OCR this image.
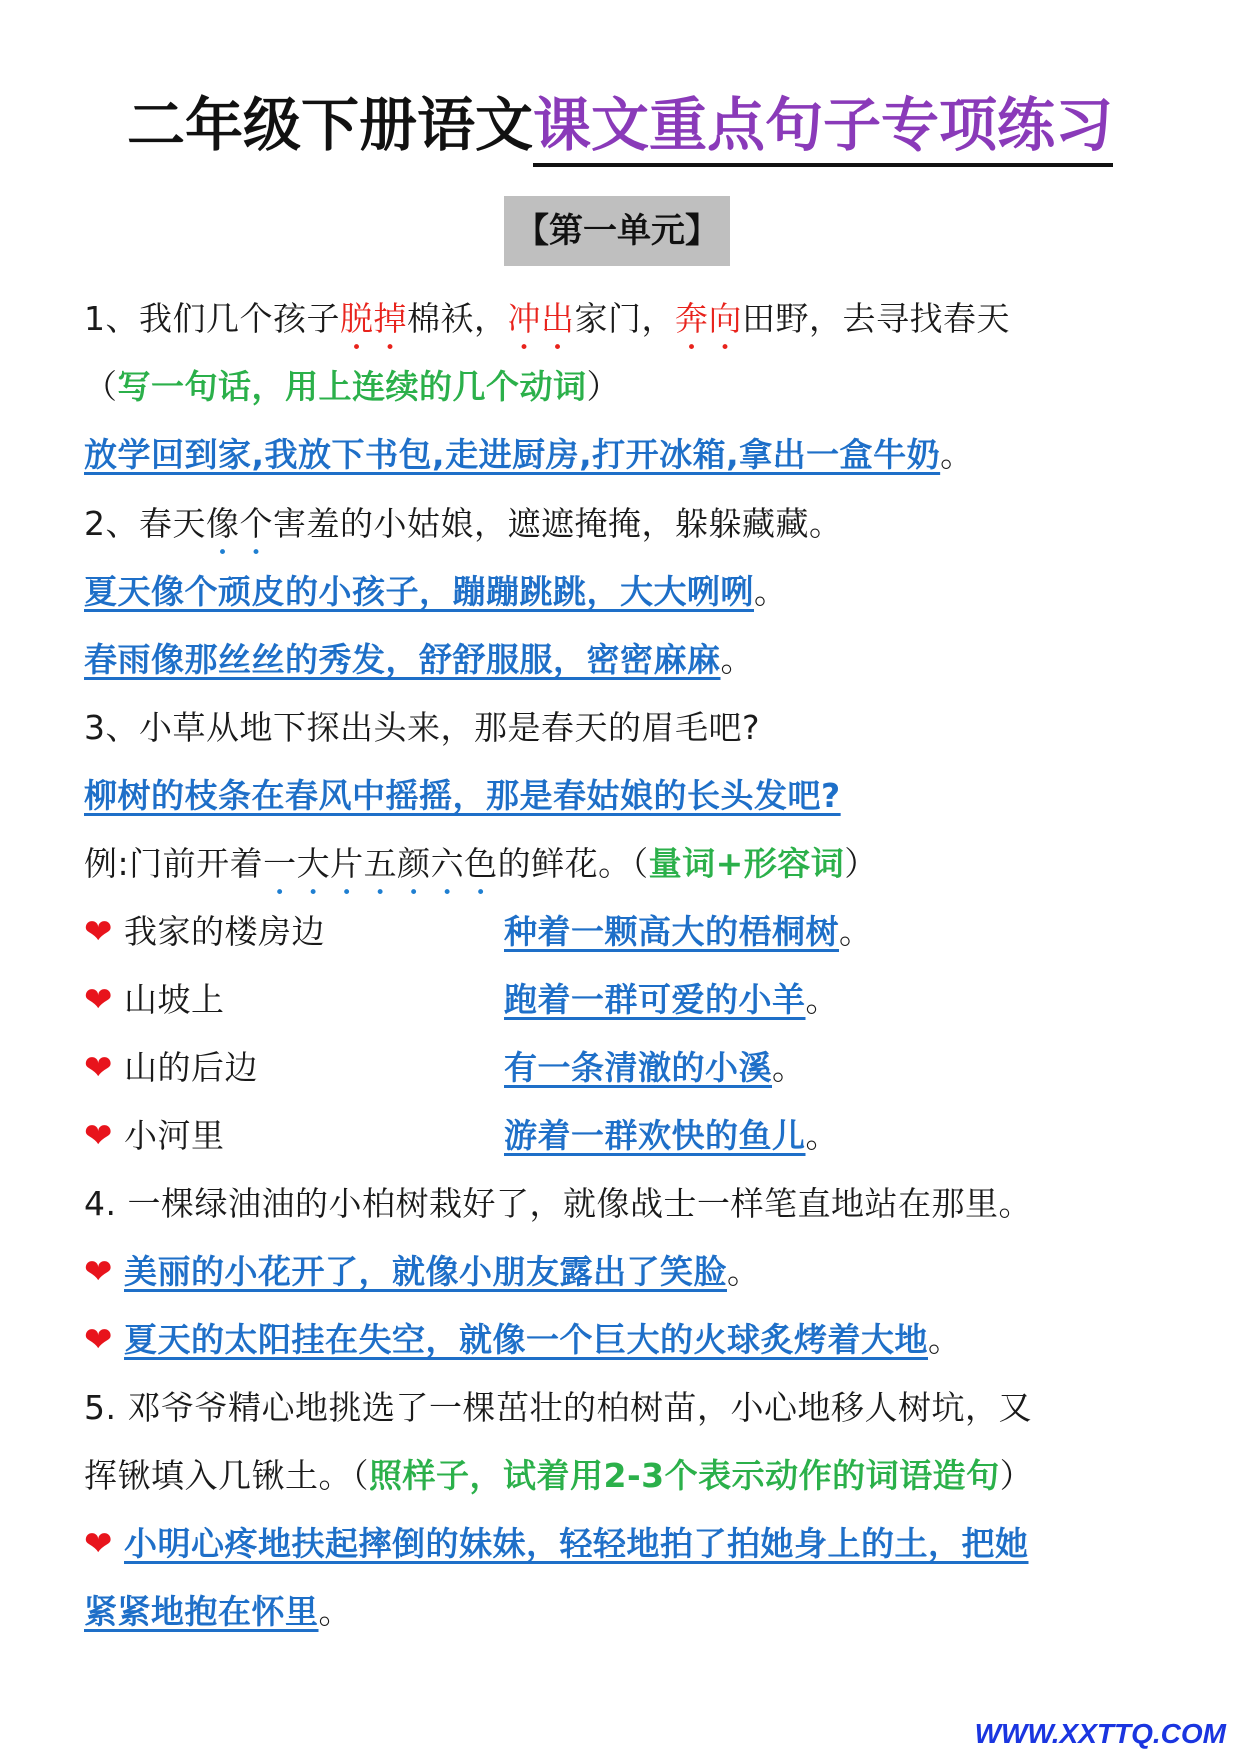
二年级下册语文课文重点句子专项练习
【第一单元】
1、我们几个孩子脱掉棉袄，冲出家门，奔向田野，去寻找春天
（写一句话，用上连续的几个动词）
放学回到家,我放下书包,走进厨房,打开冰箱,拿出一盒牛奶。
2、春天像个害羞的小姑娘，遮遮掩掩，躲躲藏藏。
夏天像个顽皮的小孩子，蹦蹦跳跳，大大咧咧。
春雨像那丝丝的秀发，舒舒服服，密密麻麻。
3、小草从地下探出头来，那是春天的眉毛吧?
柳树的枝条在春风中摇摇，那是春姑娘的长头发吧?
例:门前开着一大片五颜六色的鲜花。（量词+形容词）
❤ 我家的楼房边	种着一颗高大的梧桐树。
❤ 山坡上	跑着一群可爱的小羊。
❤ 山的后边	有一条清澈的小溪。
❤ 小河里	游着一群欢快的鱼儿。
4. 一棵绿油油的小柏树栽好了，就像战士一样笔直地站在那里。
❤ 美丽的小花开了，就像小朋友露出了笑脸。
❤ 夏天的太阳挂在失空，就像一个巨大的火球炙烤着大地。
5. 邓爷爷精心地挑选了一棵茁壮的柏树苗，小心地移人树坑，又
挥锹填入几锹土。（照样子，试着用2-3个表示动作的词语造句）
❤ 小明心疼地扶起摔倒的妹妹，轻轻地拍了拍她身上的土，把她
紧紧地抱在怀里。
WWW.XXTTQ.COM
